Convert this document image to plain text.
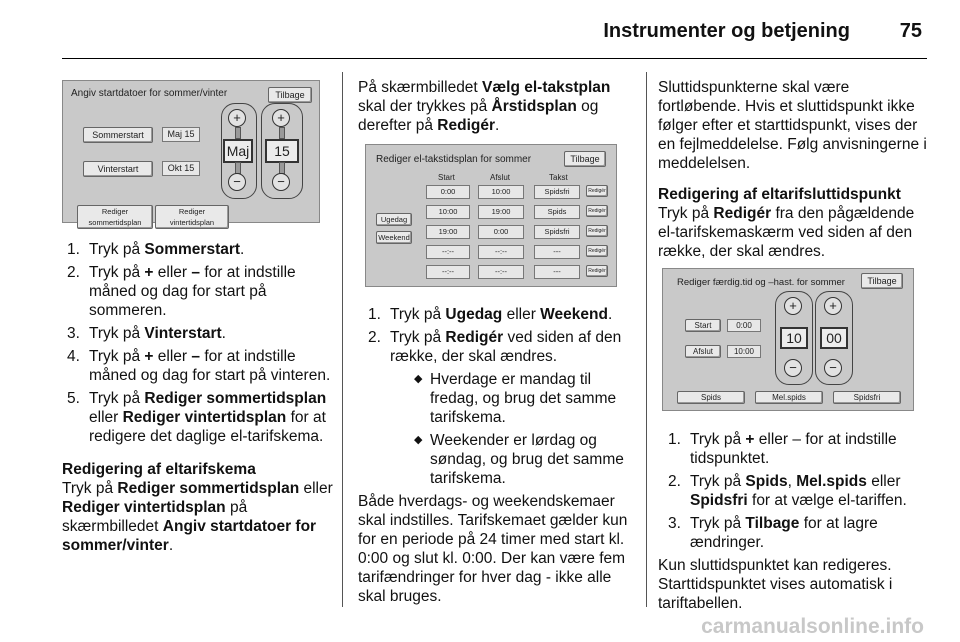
Instrumenter og betjening 75
Angiv startdatoer for sommer/vinter	Tilbage
Sommerstart	Maj 15
Vinterstart	Okt 15
+
Maj
−
+
15
−
Rediger sommertidsplan
Rediger vintertidsplan
1. Tryk på Sommerstart.
2. Tryk på + eller – for at indstille måned og dag for start på sommeren.
3. Tryk på Vinterstart.
4. Tryk på + eller – for at indstille måned og dag for start på vinteren.
5. Tryk på Rediger sommertidsplan eller Rediger vintertidsplan for at redigere det daglige el-tarifskema.
Redigering af eltarifskema

Tryk på Rediger sommertidsplan eller Rediger vintertidsplan på skærmbilledet Angiv startdatoer for sommer/vinter.

På skærmbilledet Vælg el-takstplan skal der trykkes på Årstidsplan og derefter på Redigér.

Rediger el-takstidsplan for sommer	Tilbage
Start	Afslut	Takst
Ugedag
Weekend
0:00	10:00	Spidsfri	Redigér
10:00	19:00	Spids	Redigér
19:00	0:00	Spidsfri	Redigér
--:--	--:--	---	Redigér
--:--	--:--	---	Redigér
1. Tryk på Ugedag eller Weekend.
2. Tryk på Redigér ved siden af den række, der skal ændres.
◆ Hverdage er mandag til fredag, og brug det samme tarifskema.
◆ Weekender er lørdag og søndag, og brug det samme tarifskema.

Både hverdags- og weekendskemaer skal indstilles. Tarifskemaet gælder kun for en periode på 24 timer med start kl. 0:00 og slut kl. 0:00. Der kan være fem tarifændringer for hver dag - ikke alle skal bruges.

Sluttidspunkterne skal være fortløbende. Hvis et sluttidspunkt ikke følger efter et starttidspunkt, vises der en fejlmeddelelse. Følg anvisningerne i meddelelsen.

Redigering af eltarifsluttidspunkt

Tryk på Redigér fra den pågældende el-tarifskemaskærm ved siden af den række, der skal ændres.

Rediger færdig.tid og –hast. for sommer	Tilbage
Start	0:00
Afslut	10:00
+
10
−
+
00
−
Spids	Mel.spids	Spidsfri
1. Tryk på + eller – for at indstille tidspunktet.
2. Tryk på Spids, Mel.spids eller Spidsfri for at vælge el-tariffen.
3. Tryk på Tilbage for at lagre ændringer.

Kun sluttidspunktet kan redigeres. Starttidspunktet vises automatisk i tariftabellen.

carmanualsonline.info
